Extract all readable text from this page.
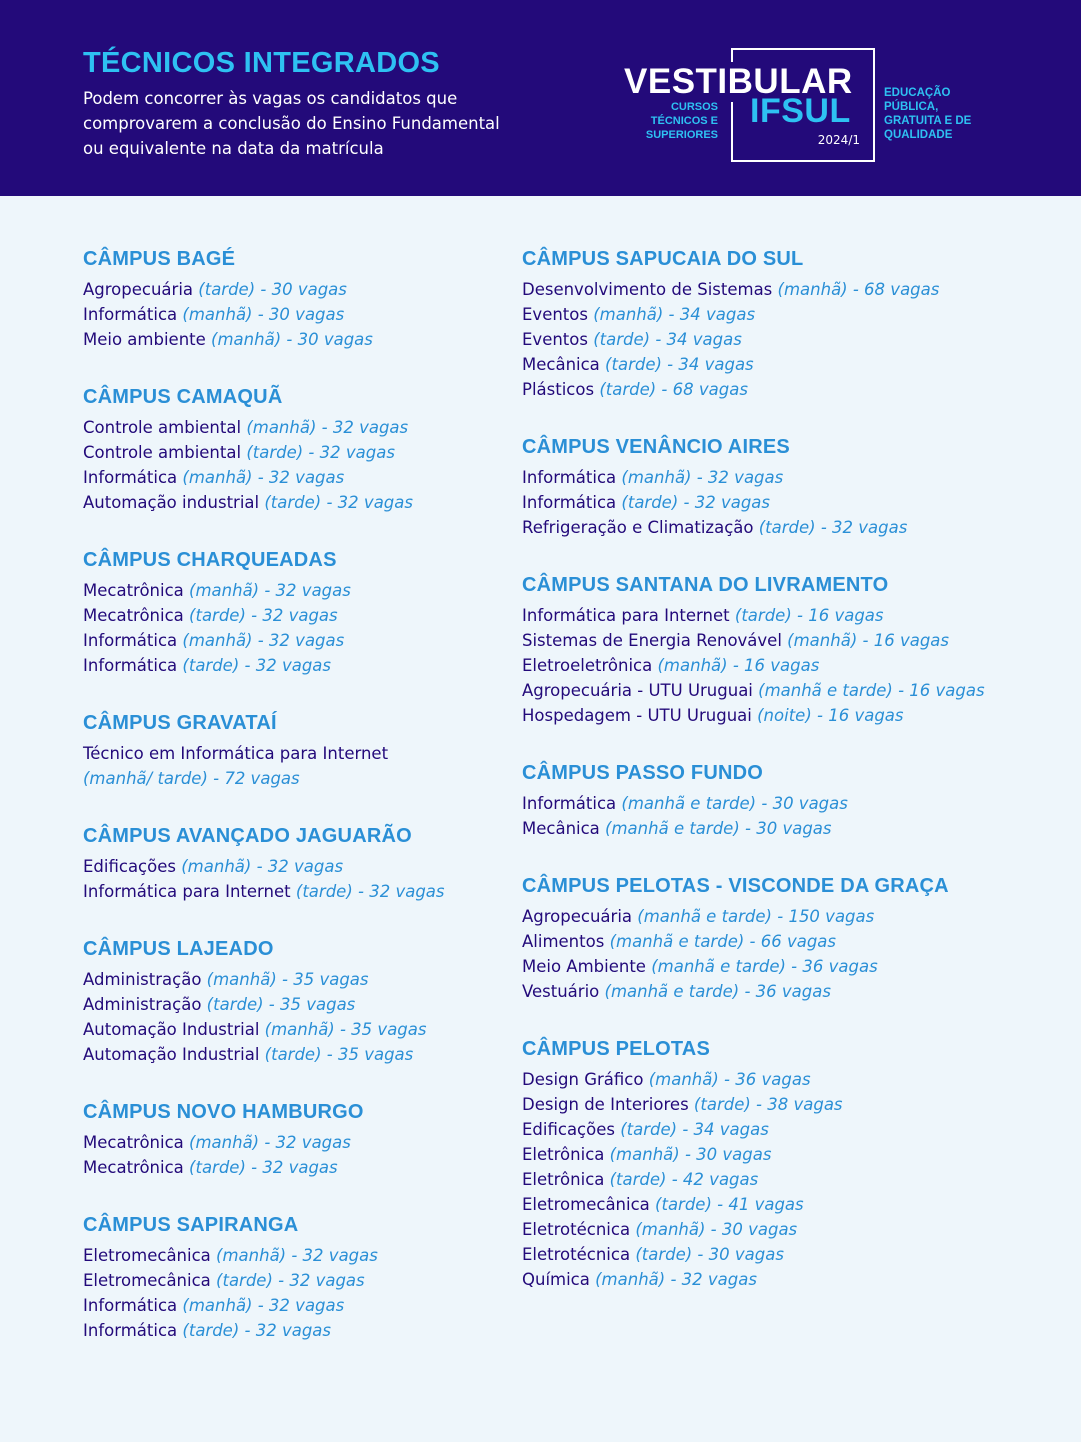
TÉCNICOS INTEGRADOS
Podem concorrer às vagas os candidatos que comprovarem a conclusão do Ensino Fundamental ou equivalente na data da matrícula
VESTIBULAR
CURSOS TÉCNICOS E SUPERIORES
IFSUL
2024/1
EDUCAÇÃO PÚBLICA, GRATUITA E DE QUALIDADE
CÂMPUS BAGÉ
Agropecuária (tarde) - 30 vagas
Informática (manhã) - 30 vagas
Meio ambiente (manhã) - 30 vagas
CÂMPUS CAMAQUÃ
Controle ambiental (manhã) - 32 vagas
Controle ambiental (tarde) - 32 vagas
Informática (manhã) - 32 vagas
Automação industrial (tarde) - 32 vagas
CÂMPUS CHARQUEADAS
Mecatrônica (manhã) - 32 vagas
Mecatrônica (tarde) - 32 vagas
Informática (manhã) - 32 vagas
Informática (tarde) - 32 vagas
CÂMPUS GRAVATAÍ
Técnico em Informática para Internet
(manhã/ tarde) - 72 vagas
CÂMPUS AVANÇADO JAGUARÃO
Edificações (manhã) - 32 vagas
Informática para Internet (tarde) - 32 vagas
CÂMPUS LAJEADO
Administração (manhã) - 35 vagas
Administração (tarde) - 35 vagas
Automação Industrial (manhã) - 35 vagas
Automação Industrial (tarde) - 35 vagas
CÂMPUS NOVO HAMBURGO
Mecatrônica (manhã) - 32 vagas
Mecatrônica (tarde) - 32 vagas
CÂMPUS SAPIRANGA
Eletromecânica (manhã) - 32 vagas
Eletromecânica (tarde) - 32 vagas
Informática (manhã) - 32 vagas
Informática (tarde) - 32 vagas
CÂMPUS SAPUCAIA DO SUL
Desenvolvimento de Sistemas (manhã) - 68 vagas
Eventos (manhã) - 34 vagas
Eventos (tarde) - 34 vagas
Mecânica (tarde) - 34 vagas
Plásticos (tarde) - 68 vagas
CÂMPUS VENÂNCIO AIRES
Informática (manhã) - 32 vagas
Informática (tarde) - 32 vagas
Refrigeração e Climatização (tarde) - 32 vagas
CÂMPUS SANTANA DO LIVRAMENTO
Informática para Internet (tarde) - 16 vagas
Sistemas de Energia Renovável (manhã) - 16 vagas
Eletroeletrônica (manhã) - 16 vagas
Agropecuária - UTU Uruguai (manhã e tarde) - 16 vagas
Hospedagem - UTU Uruguai (noite) - 16 vagas
CÂMPUS PASSO FUNDO
Informática (manhã e tarde) - 30 vagas
Mecânica (manhã e tarde) - 30 vagas
CÂMPUS PELOTAS - VISCONDE DA GRAÇA
Agropecuária (manhã e tarde) - 150 vagas
Alimentos (manhã e tarde) - 66 vagas
Meio Ambiente (manhã e tarde) - 36 vagas
Vestuário (manhã e tarde) - 36 vagas
CÂMPUS PELOTAS
Design Gráfico (manhã) - 36 vagas
Design de Interiores (tarde) - 38 vagas
Edificações (tarde) - 34 vagas
Eletrônica (manhã) - 30 vagas
Eletrônica (tarde) - 42 vagas
Eletromecânica (tarde) - 41 vagas
Eletrotécnica (manhã) - 30 vagas
Eletrotécnica (tarde) - 30 vagas
Química (manhã) - 32 vagas
